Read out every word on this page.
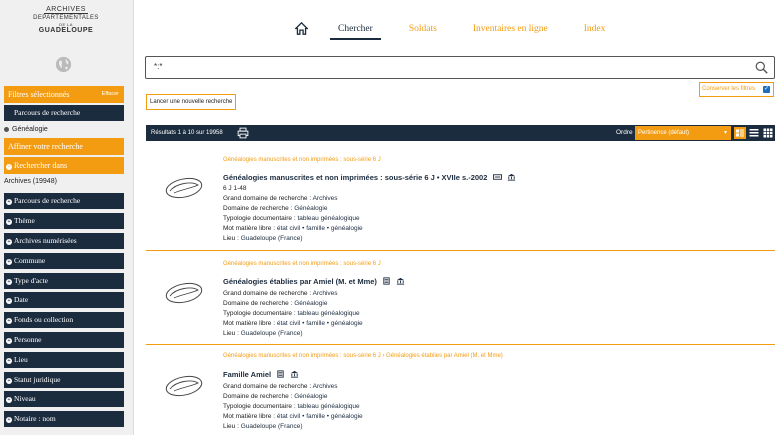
ARCHIVES
DEPARTEMENTALES
DE LA
GUADELOUPE
Filtres sélectionnés	Effacer
Parcours de recherche
Généalogie
Affiner votre recherche
− Rechercher dans
Archives (19948)
+ Parcours de recherche
+ Thème
+ Archives numérisées
+ Commune
+ Type d'acte
+ Date
+ Fonds ou collection
+ Personne
+ Lieu
+ Statut juridique
+ Niveau
+ Notaire : nom
Chercher	Soldats	Inventaires en ligne	Index
*:*
Conserver les filtres ✓
Lancer une nouvelle recherche
Résultats 1 à 10 sur 19958	Ordre Pertinence (défaut)	▾
Généalogies manuscrites et non imprimées : sous-série 6 J
Généalogies manuscrites et non imprimées : sous-série 6 J • XVIIe s.-2002
6 J 1-48
Grand domaine de recherche : Archives
Domaine de recherche : Généalogie
Typologie documentaire : tableau généalogique
Mot matière libre : état civil • famille • généalogie
Lieu : Guadeloupe (France)
Généalogies manuscrites et non imprimées : sous-série 6 J
Généalogies établies par Amiel (M. et Mme)
Grand domaine de recherche : Archives
Domaine de recherche : Généalogie
Typologie documentaire : tableau généalogique
Mot matière libre : état civil • famille • généalogie
Lieu : Guadeloupe (France)
Généalogies manuscrites et non imprimées : sous-série 6 J › Généalogies établies par Amiel (M. et Mme)
Famille Amiel
Grand domaine de recherche : Archives
Domaine de recherche : Généalogie
Typologie documentaire : tableau généalogique
Mot matière libre : état civil • famille • généalogie
Lieu : Guadeloupe (France)
